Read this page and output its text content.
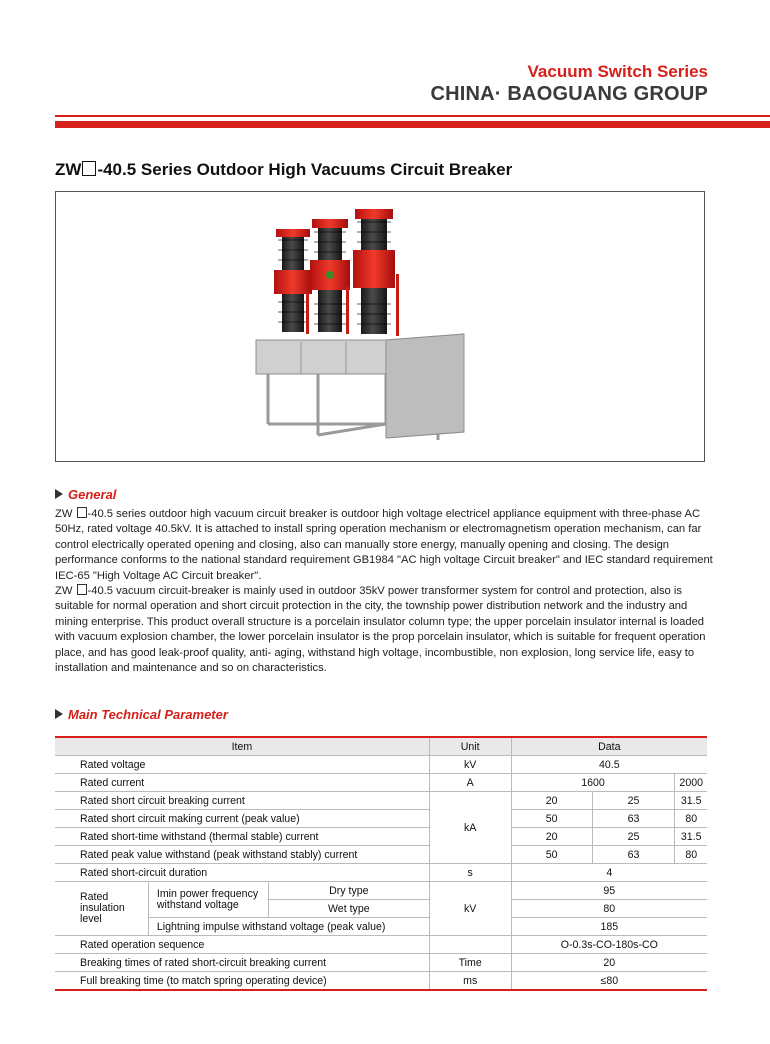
Vacuum Switch Series
CHINA· BAOGUANG GROUP
ZW -40.5 Series Outdoor High Vacuums Circuit Breaker
General

ZW -40.5 series outdoor high vacuum circuit breaker is outdoor high voltage electricel appliance equipment with three-phase AC 50Hz, rated voltage 40.5kV. It is attached to install spring operation mechanism or electromagnetism operation mechanism, can far control electrically operated opening and closing, also can manually store energy, manually opening and closing. The design performance conforms to the national standard requirement GB1984 "AC high voltage Circuit breaker" and IEC standard requirement IEC-65 "High Voltage AC Circuit breaker".

ZW -40.5 vacuum circuit-breaker is mainly used in outdoor 35kV power transformer system for control and protection, also is suitable for normal operation and short circuit protection in the city, the township power distribution network and the industry and mining enterprise. This product overall structure is a porcelain insulator column type; the upper porcelain insulator internal is loaded with vacuum explosion chamber, the lower porcelain insulator is the prop porcelain insulator, which is suitable for frequent operation place, and has good leak-proof quality, anti- aging, withstand high voltage, incombustible, non explosion, long service life, easy to installation and maintenance and so on characteristics.

Main Technical Parameter
Item			Unit	Data		
Rated voltage			kV	40.5		
Rated current			A	1600		2000
Rated short circuit breaking current			kA	20	25	31.5
Rated short circuit making current (peak value)				50	63	80
Rated short-time withstand (thermal stable) current				20	25	31.5
Rated peak value withstand (peak withstand stably) current				50	63	80
Rated short-circuit duration			s	4		
Rated insulation level	Imin power frequency withstand voltage	Dry type	kV	95		
		Wet type		80		
	Lightning impulse withstand voltage (peak value)			185		
Rated operation sequence				O-0.3s-CO-180s-CO		
Breaking times of rated short-circuit breaking current			Time	20		
Full breaking time (to match spring operating device)			ms	≤80		
